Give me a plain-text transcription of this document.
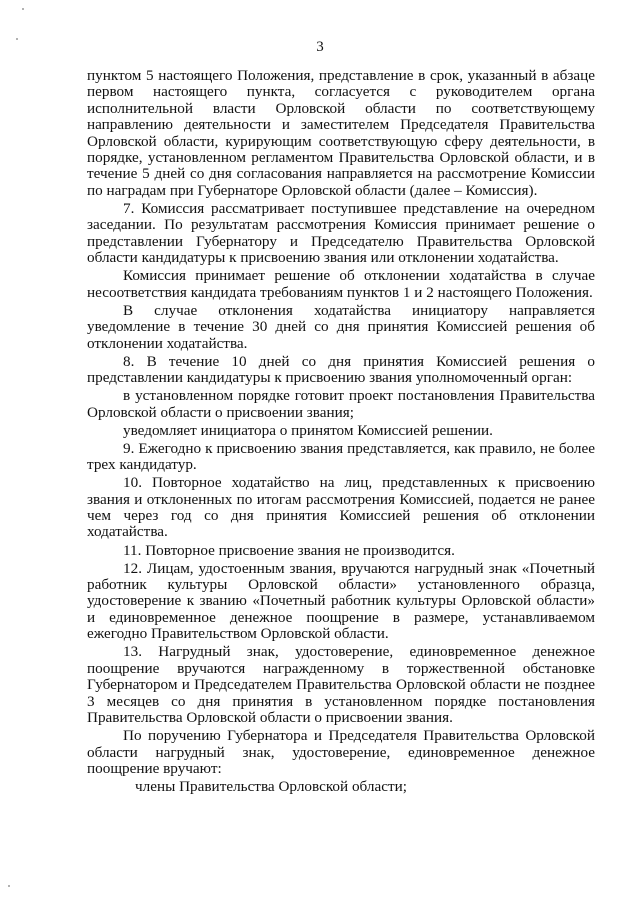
3

пунктом 5 настоящего Положения, представление в срок, указанный в абзаце первом настоящего пункта, согласуется с руководителем органа исполнительной власти Орловской области по соответствующему направлению деятельности и заместителем Председателя Правительства Орловской области, курирующим соответствующую сферу деятельности, в порядке, установленном регламентом Правительства Орловской области, и в течение 5 дней со дня согласования направляется на рассмотрение Комиссии по наградам при Губернаторе Орловской области (далее – Комиссия).

7. Комиссия рассматривает поступившее представление на очередном заседании. По результатам рассмотрения Комиссия принимает решение о представлении Губернатору и Председателю Правительства Орловской области кандидатуры к присвоению звания или отклонении ходатайства.

Комиссия принимает решение об отклонении ходатайства в случае несоответствия кандидата требованиям пунктов 1 и 2 настоящего Положения.

В случае отклонения ходатайства инициатору направляется уведомление в течение 30 дней со дня принятия Комиссией решения об отклонении ходатайства.

8. В течение 10 дней со дня принятия Комиссией решения о представлении кандидатуры к присвоению звания уполномоченный орган:

в установленном порядке готовит проект постановления Правительства Орловской области о присвоении звания;

уведомляет инициатора о принятом Комиссией решении.

9. Ежегодно к присвоению звания представляется, как правило, не более трех кандидатур.

10. Повторное ходатайство на лиц, представленных к присвоению звания и отклоненных по итогам рассмотрения Комиссией, подается не ранее чем через год со дня принятия Комиссией решения об отклонении ходатайства.

11. Повторное присвоение звания не производится.

12. Лицам, удостоенным звания, вручаются нагрудный знак «Почетный работник культуры Орловской области» установленного образца, удостоверение к званию «Почетный работник культуры Орловской области» и единовременное денежное поощрение в размере, устанавливаемом ежегодно Правительством Орловской области.

13. Нагрудный знак, удостоверение, единовременное денежное поощрение вручаются награжденному в торжественной обстановке Губернатором и Председателем Правительства Орловской области не позднее 3 месяцев со дня принятия в установленном порядке постановления Правительства Орловской области о присвоении звания.

По поручению Губернатора и Председателя Правительства Орловской области нагрудный знак, удостоверение, единовременное денежное поощрение вручают:

члены Правительства Орловской области;
